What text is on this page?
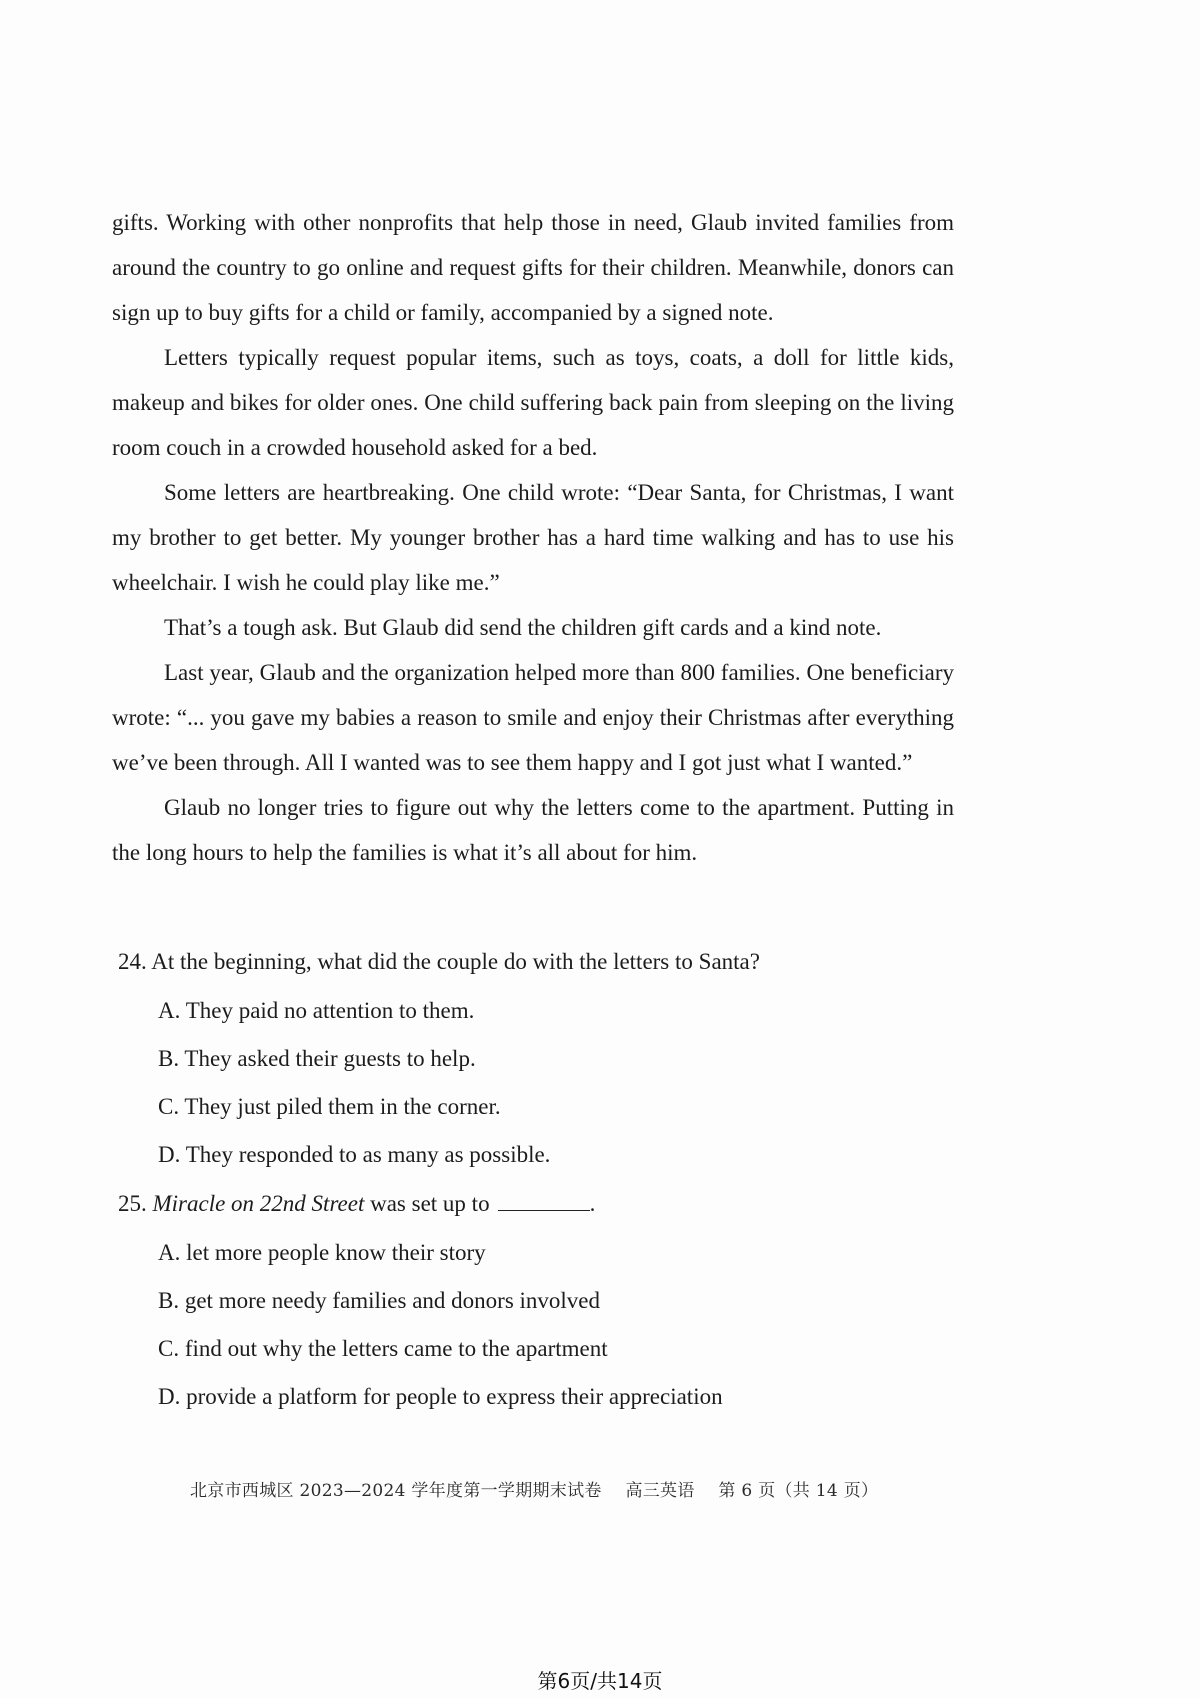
gifts. Working with other nonprofits that help those in need, Glaub invited families from around the country to go online and request gifts for their children. Meanwhile, donors can sign up to buy gifts for a child or family, accompanied by a signed note.

Letters typically request popular items, such as toys, coats, a doll for little kids, makeup and bikes for older ones. One child suffering back pain from sleeping on the living room couch in a crowded household asked for a bed.

Some letters are heartbreaking. One child wrote: “Dear Santa, for Christmas, I want my brother to get better. My younger brother has a hard time walking and has to use his wheelchair. I wish he could play like me.”

That’s a tough ask. But Glaub did send the children gift cards and a kind note.

Last year, Glaub and the organization helped more than 800 families. One beneficiary wrote: “... you gave my babies a reason to smile and enjoy their Christmas after everything we’ve been through. All I wanted was to see them happy and I got just what I wanted.”

Glaub no longer tries to figure out why the letters come to the apartment. Putting in the long hours to help the families is what it’s all about for him.

24. At the beginning, what did the couple do with the letters to Santa?
A. They paid no attention to them.
B. They asked their guests to help.
C. They just piled them in the corner.
D. They responded to as many as possible.
25. Miracle on 22nd Street was set up to	.
A. let more people know their story
B. get more needy families and donors involved
C. find out why the letters came to the apartment
D. provide a platform for people to express their appreciation
北京市西城区 2023—2024 学年度第一学期期末试卷 高三英语 第 6 页（共 14 页）
第6页/共14页
